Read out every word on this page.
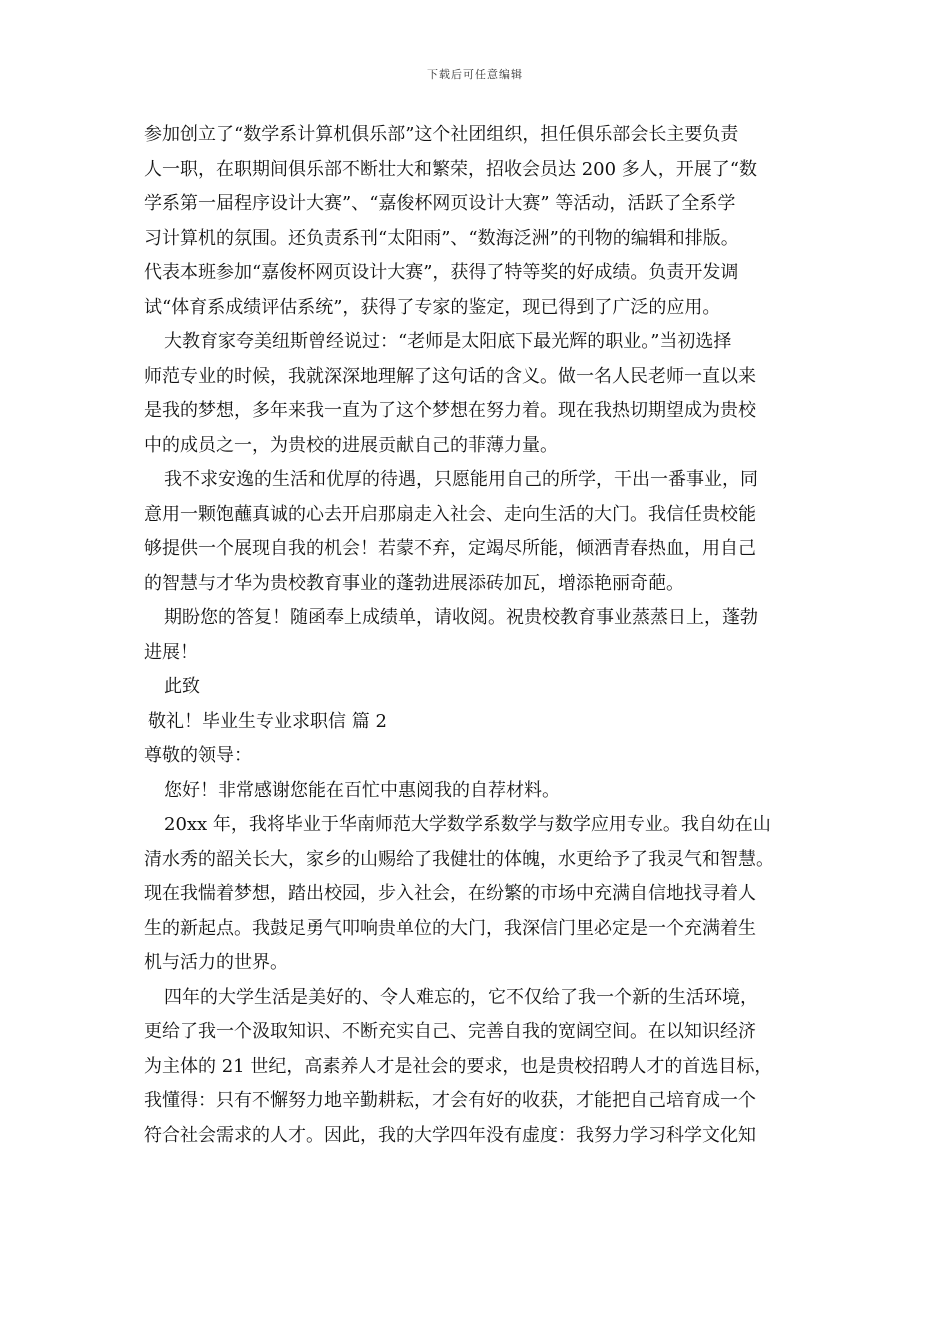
下载后可任意编辑
参加创立了“数学系计算机俱乐部”这个社团组织，担任俱乐部会长主要负责
人一职，在职期间俱乐部不断壮大和繁荣，招收会员达 200 多人，开展了“数
学系第一届程序设计大赛”、“嘉俊杯网页设计大赛” 等活动，活跃了全系学
习计算机的氛围。还负责系刊“太阳雨”、“数海泛洲”的刊物的编辑和排版。
代表本班参加“嘉俊杯网页设计大赛”，获得了特等奖的好成绩。负责开发调
试“体育系成绩评估系统”，获得了专家的鉴定，现已得到了广泛的应用。
大教育家夸美纽斯曾经说过：“老师是太阳底下最光辉的职业。”当初选择
师范专业的时候，我就深深地理解了这句话的含义。做一名人民老师一直以来
是我的梦想，多年来我一直为了这个梦想在努力着。现在我热切期望成为贵校
中的成员之一，为贵校的进展贡献自己的菲薄力量。
我不求安逸的生活和优厚的待遇，只愿能用自己的所学，干出一番事业，同
意用一颗饱蘸真诚的心去开启那扇走入社会、走向生活的大门。我信任贵校能
够提供一个展现自我的机会！若蒙不弃，定竭尽所能，倾洒青春热血，用自己
的智慧与才华为贵校教育事业的蓬勃进展添砖加瓦，增添艳丽奇葩。
期盼您的答复！随函奉上成绩单，请收阅。祝贵校教育事业蒸蒸日上，蓬勃
进展！
此致
敬礼！毕业生专业求职信 篇 2
尊敬的领导：
您好！非常感谢您能在百忙中惠阅我的自荐材料。
20xx 年，我将毕业于华南师范大学数学系数学与数学应用专业。我自幼在山
清水秀的韶关长大，家乡的山赐给了我健壮的体魄，水更给予了我灵气和智慧。
现在我惴着梦想，踏出校园，步入社会，在纷繁的市场中充满自信地找寻着人
生的新起点。我鼓足勇气叩响贵单位的大门，我深信门里必定是一个充满着生
机与活力的世界。
四年的大学生活是美好的、令人难忘的，它不仅给了我一个新的生活环境，
更给了我一个汲取知识、不断充实自己、完善自我的宽阔空间。在以知识经济
为主体的 21 世纪，高素养人才是社会的要求，也是贵校招聘人才的首选目标，
我懂得：只有不懈努力地辛勤耕耘，才会有好的收获，才能把自己培育成一个
符合社会需求的人才。因此，我的大学四年没有虚度：我努力学习科学文化知
